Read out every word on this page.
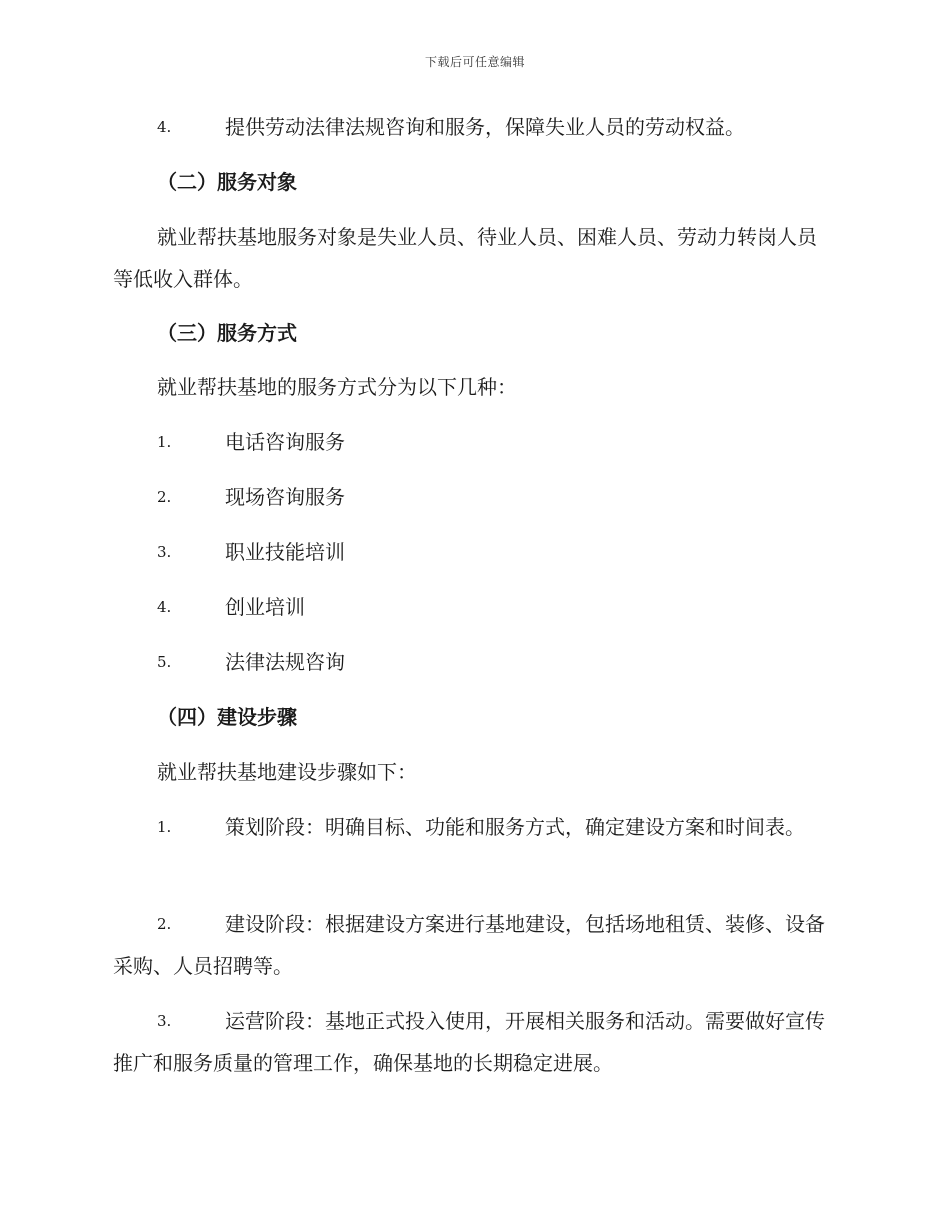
下载后可任意编辑
4.	提供劳动法律法规咨询和服务，保障失业人员的劳动权益。
（二）服务对象
就业帮扶基地服务对象是失业人员、待业人员、困难人员、劳动力转岗人员等低收入群体。
（三）服务方式
就业帮扶基地的服务方式分为以下几种：
1.	电话咨询服务
2.	现场咨询服务
3.	职业技能培训
4.	创业培训
5.	法律法规咨询
（四）建设步骤
就业帮扶基地建设步骤如下：
1.	策划阶段：明确目标、功能和服务方式，确定建设方案和时间表。
2.	建设阶段：根据建设方案进行基地建设，包括场地租赁、装修、设备采购、人员招聘等。
3.	运营阶段：基地正式投入使用，开展相关服务和活动。需要做好宣传推广和服务质量的管理工作，确保基地的长期稳定进展。
